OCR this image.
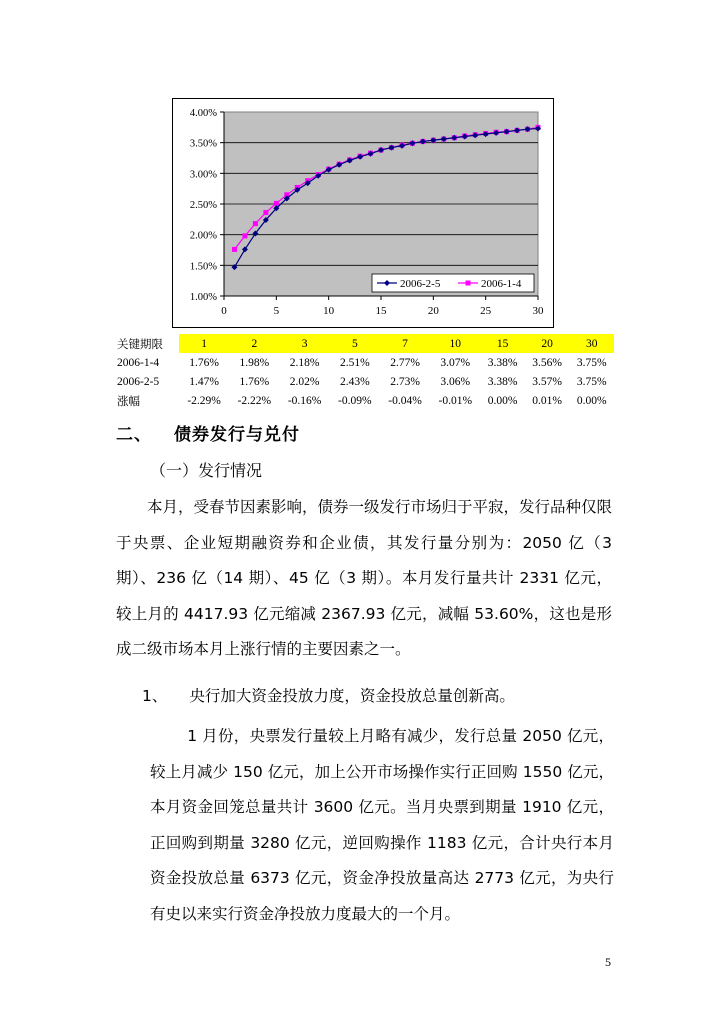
1.00%
1.50%
2.00%
2.50%
3.00%
3.50%
4.00%
0	5	10	15	20	25	30
2006-2-5	2006-1-4
关键期限	1	2	3	5	7	10	15	20	30
2006-1-4	1.76%	1.98%	2.18%	2.51%	2.77%	3.07%	3.38%	3.56%	3.75%
2006-2-5	1.47%	1.76%	2.02%	2.43%	2.73%	3.06%	3.38%	3.57%	3.75%
涨幅	-2.29%	-2.22%	-0.16%	-0.09%	-0.04%	-0.01%	0.00%	0.01%	0.00%
二、 债券发行与兑付
（一）发行情况

本月，受春节因素影响，债券一级发行市场归于平寂，发行品种仅限于央票、企业短期融资券和企业债，其发行量分别为：2050 亿（3 期）、236 亿（14 期）、45 亿（3 期）。本月发行量共计 2331 亿元，较上月的 4417.93 亿元缩减 2367.93 亿元，减幅 53.60%，这也是形成二级市场本月上涨行情的主要因素之一。

1、 央行加大资金投放力度，资金投放总量创新高。

1 月份，央票发行量较上月略有减少，发行总量 2050 亿元，较上月减少 150 亿元，加上公开市场操作实行正回购 1550 亿元，本月资金回笼总量共计 3600 亿元。当月央票到期量 1910 亿元，正回购到期量 3280 亿元，逆回购操作 1183 亿元，合计央行本月资金投放总量 6373 亿元，资金净投放量高达 2773 亿元，为央行有史以来实行资金净投放力度最大的一个月。

5
